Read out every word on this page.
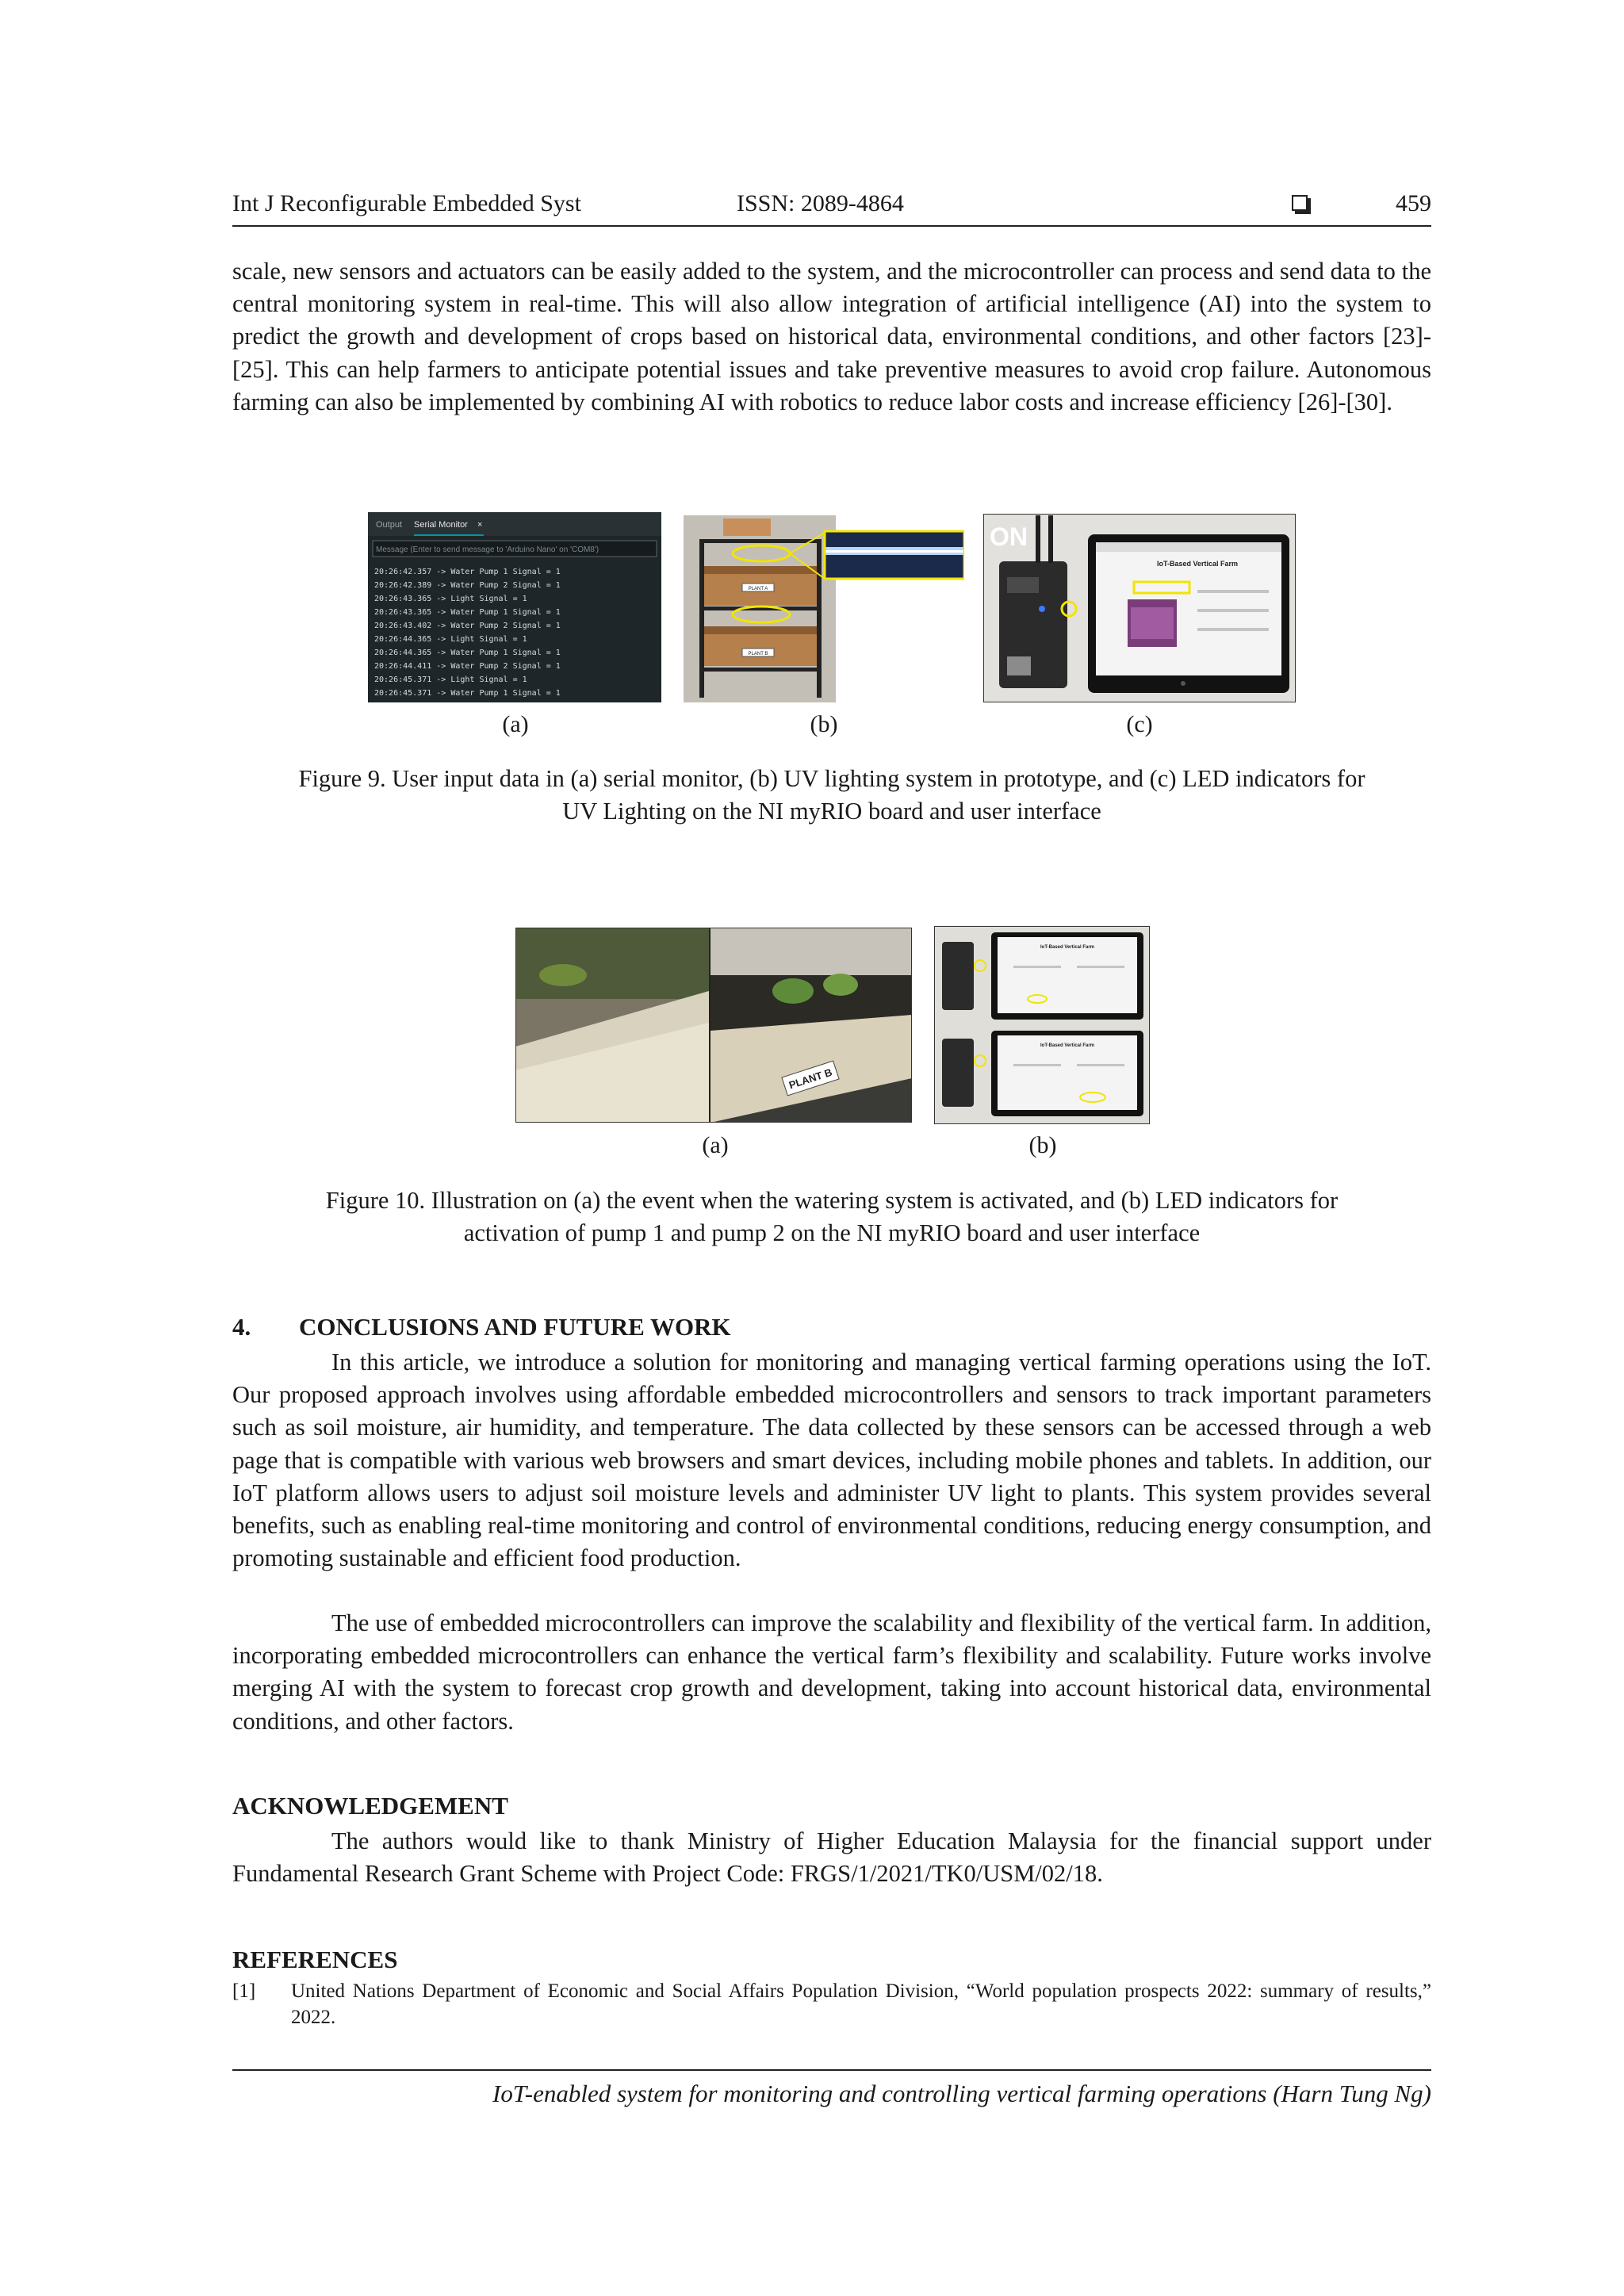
Int J Reconfigurable Embedded Syst	ISSN: 2089-4864	459

scale, new sensors and actuators can be easily added to the system, and the microcontroller can process and send data to the central monitoring system in real-time. This will also allow integration of artificial intelligence (AI) into the system to predict the growth and development of crops based on historical data, environmental conditions, and other factors [23]-[25]. This can help farmers to anticipate potential issues and take preventive measures to avoid crop failure. Autonomous farming can also be implemented by combining AI with robotics to reduce labor costs and increase efficiency [26]-[30].

Output Serial Monitor ×
Message (Enter to send message to 'Arduino Nano' on 'COM8')
20:26:42.357 -> Water Pump 1 Signal = 1
20:26:42.389 -> Water Pump 2 Signal = 1
20:26:43.365 -> Light Signal = 1
20:26:43.365 -> Water Pump 1 Signal = 1
20:26:43.402 -> Water Pump 2 Signal = 1
20:26:44.365 -> Light Signal = 1
20:26:44.365 -> Water Pump 1 Signal = 1
20:26:44.411 -> Water Pump 2 Signal = 1
20:26:45.371 -> Light Signal = 1
20:26:45.371 -> Water Pump 1 Signal = 1
PLANT A
PLANT B
ON
IoT-Based Vertical Farm
(a)	(b)	(c)

Figure 9. User input data in (a) serial monitor, (b) UV lighting system in prototype, and (c) LED indicators for
UV Lighting on the NI myRIO board and user interface

PLANT B
IoT-Based Vertical Farm
IoT-Based Vertical Farm
(a)	(b)

Figure 10. Illustration on (a) the event when the watering system is activated, and (b) LED indicators for
activation of pump 1 and pump 2 on the NI myRIO board and user interface

4. CONCLUSIONS AND FUTURE WORK

In this article, we introduce a solution for monitoring and managing vertical farming operations using the IoT. Our proposed approach involves using affordable embedded microcontrollers and sensors to track important parameters such as soil moisture, air humidity, and temperature. The data collected by these sensors can be accessed through a web page that is compatible with various web browsers and smart devices, including mobile phones and tablets. In addition, our IoT platform allows users to adjust soil moisture levels and administer UV light to plants. This system provides several benefits, such as enabling real-time monitoring and control of environmental conditions, reducing energy consumption, and promoting sustainable and efficient food production.

The use of embedded microcontrollers can improve the scalability and flexibility of the vertical farm. In addition, incorporating embedded microcontrollers can enhance the vertical farm’s flexibility and scalability. Future works involve merging AI with the system to forecast crop growth and development, taking into account historical data, environmental conditions, and other factors.

ACKNOWLEDGEMENT

The authors would like to thank Ministry of Higher Education Malaysia for the financial support under Fundamental Research Grant Scheme with Project Code: FRGS/1/2021/TK0/USM/02/18.

REFERENCES
[1] United Nations Department of Economic and Social Affairs Population Division, “World population prospects 2022: summary of results,” 2022.
IoT-enabled system for monitoring and controlling vertical farming operations (Harn Tung Ng)
